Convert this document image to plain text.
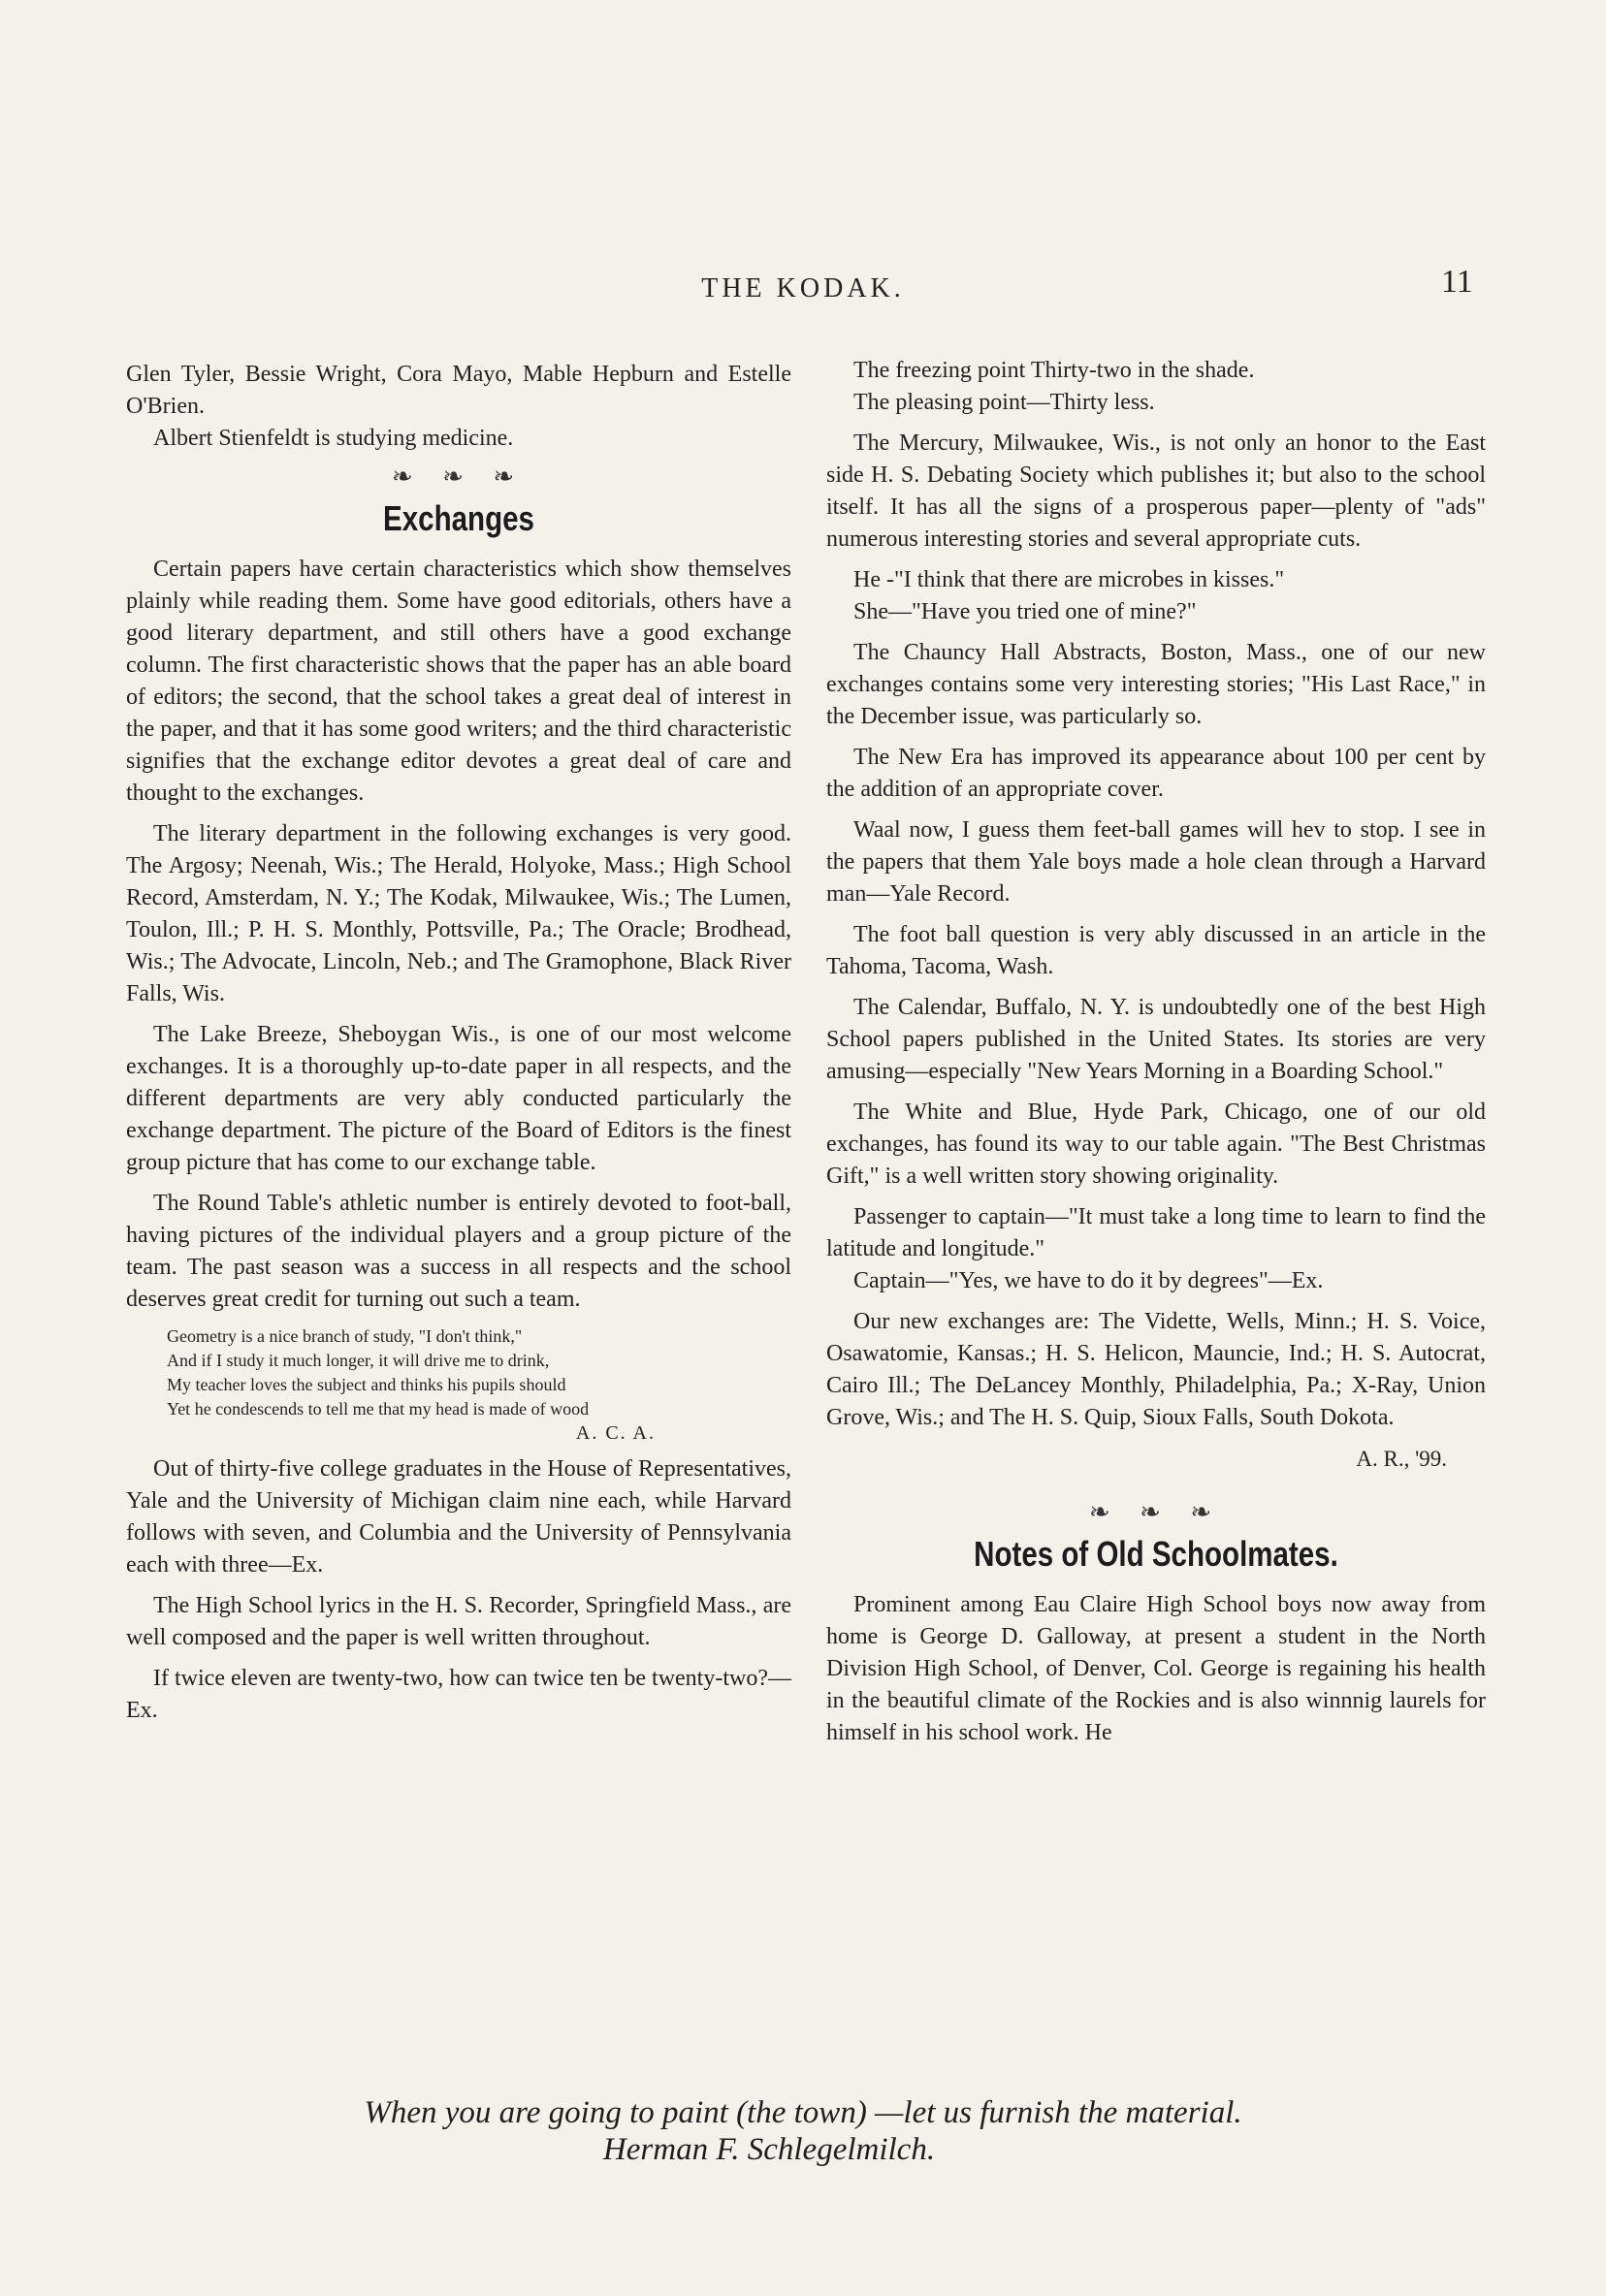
THE KODAK.	11

Glen Tyler, Bessie Wright, Cora Mayo, Mable Hepburn and Estelle O'Brien.

Albert Stienfeldt is studying medicine.

❧ ❧ ❧
Exchanges

Certain papers have certain characteristics which show themselves plainly while reading them. Some have good editorials, others have a good literary department, and still others have a good exchange column. The first characteristic shows that the paper has an able board of editors; the second, that the school takes a great deal of interest in the paper, and that it has some good writers; and the third characteristic signifies that the exchange editor devotes a great deal of care and thought to the exchanges.

The literary department in the following exchanges is very good. The Argosy; Neenah, Wis.; The Herald, Holyoke, Mass.; High School Record, Amsterdam, N. Y.; The Kodak, Milwaukee, Wis.; The Lumen, Toulon, Ill.; P. H. S. Monthly, Pottsville, Pa.; The Oracle; Brodhead, Wis.; The Advocate, Lincoln, Neb.; and The Gramophone, Black River Falls, Wis.

The Lake Breeze, Sheboygan Wis., is one of our most welcome exchanges. It is a thoroughly up-to-date paper in all respects, and the different departments are very ably conducted particularly the exchange department. The picture of the Board of Editors is the finest group picture that has come to our exchange table.

The Round Table's athletic number is entirely devoted to foot-ball, having pictures of the individual players and a group picture of the team. The past season was a success in all respects and the school deserves great credit for turning out such a team.

Geometry is a nice branch of study, "I don't think,"
And if I study it much longer, it will drive me to drink,
My teacher loves the subject and thinks his pupils should
Yet he condescends to tell me that my head is made of wood
A. C. A.

Out of thirty-five college graduates in the House of Representatives, Yale and the University of Michigan claim nine each, while Harvard follows with seven, and Columbia and the University of Pennsylvania each with three—Ex.

The High School lyrics in the H. S. Recorder, Springfield Mass., are well composed and the paper is well written throughout.

If twice eleven are twenty-two, how can twice ten be twenty-two?—Ex.

The freezing point Thirty-two in the shade.

The pleasing point—Thirty less.

The Mercury, Milwaukee, Wis., is not only an honor to the East side H. S. Debating Society which publishes it; but also to the school itself. It has all the signs of a prosperous paper—plenty of "ads" numerous interesting stories and several appropriate cuts.

He -"I think that there are microbes in kisses."

She—"Have you tried one of mine?"

The Chauncy Hall Abstracts, Boston, Mass., one of our new exchanges contains some very interesting stories; "His Last Race," in the December issue, was particularly so.

The New Era has improved its appearance about 100 per cent by the addition of an appropriate cover.

Waal now, I guess them feet-ball games will hev to stop. I see in the papers that them Yale boys made a hole clean through a Harvard man—Yale Record.

The foot ball question is very ably discussed in an article in the Tahoma, Tacoma, Wash.

The Calendar, Buffalo, N. Y. is undoubtedly one of the best High School papers published in the United States. Its stories are very amusing—especially "New Years Morning in a Boarding School."

The White and Blue, Hyde Park, Chicago, one of our old exchanges, has found its way to our table again. "The Best Christmas Gift," is a well written story showing originality.

Passenger to captain—"It must take a long time to learn to find the latitude and longitude."

Captain—"Yes, we have to do it by degrees"—Ex.

Our new exchanges are: The Vidette, Wells, Minn.; H. S. Voice, Osawatomie, Kansas.; H. S. Helicon, Mauncie, Ind.; H. S. Autocrat, Cairo Ill.; The DeLancey Monthly, Philadelphia, Pa.; X-Ray, Union Grove, Wis.; and The H. S. Quip, Sioux Falls, South Dokota.

A. R., '99.
❧ ❧ ❧
Notes of Old Schoolmates.

Prominent among Eau Claire High School boys now away from home is George D. Galloway, at present a student in the North Division High School, of Denver, Col. George is regaining his health in the beautiful climate of the Rockies and is also winnnig laurels for himself in his school work. He

When you are going to paint (the town) —let us furnish the material.
Herman F. Schlegelmilch.
